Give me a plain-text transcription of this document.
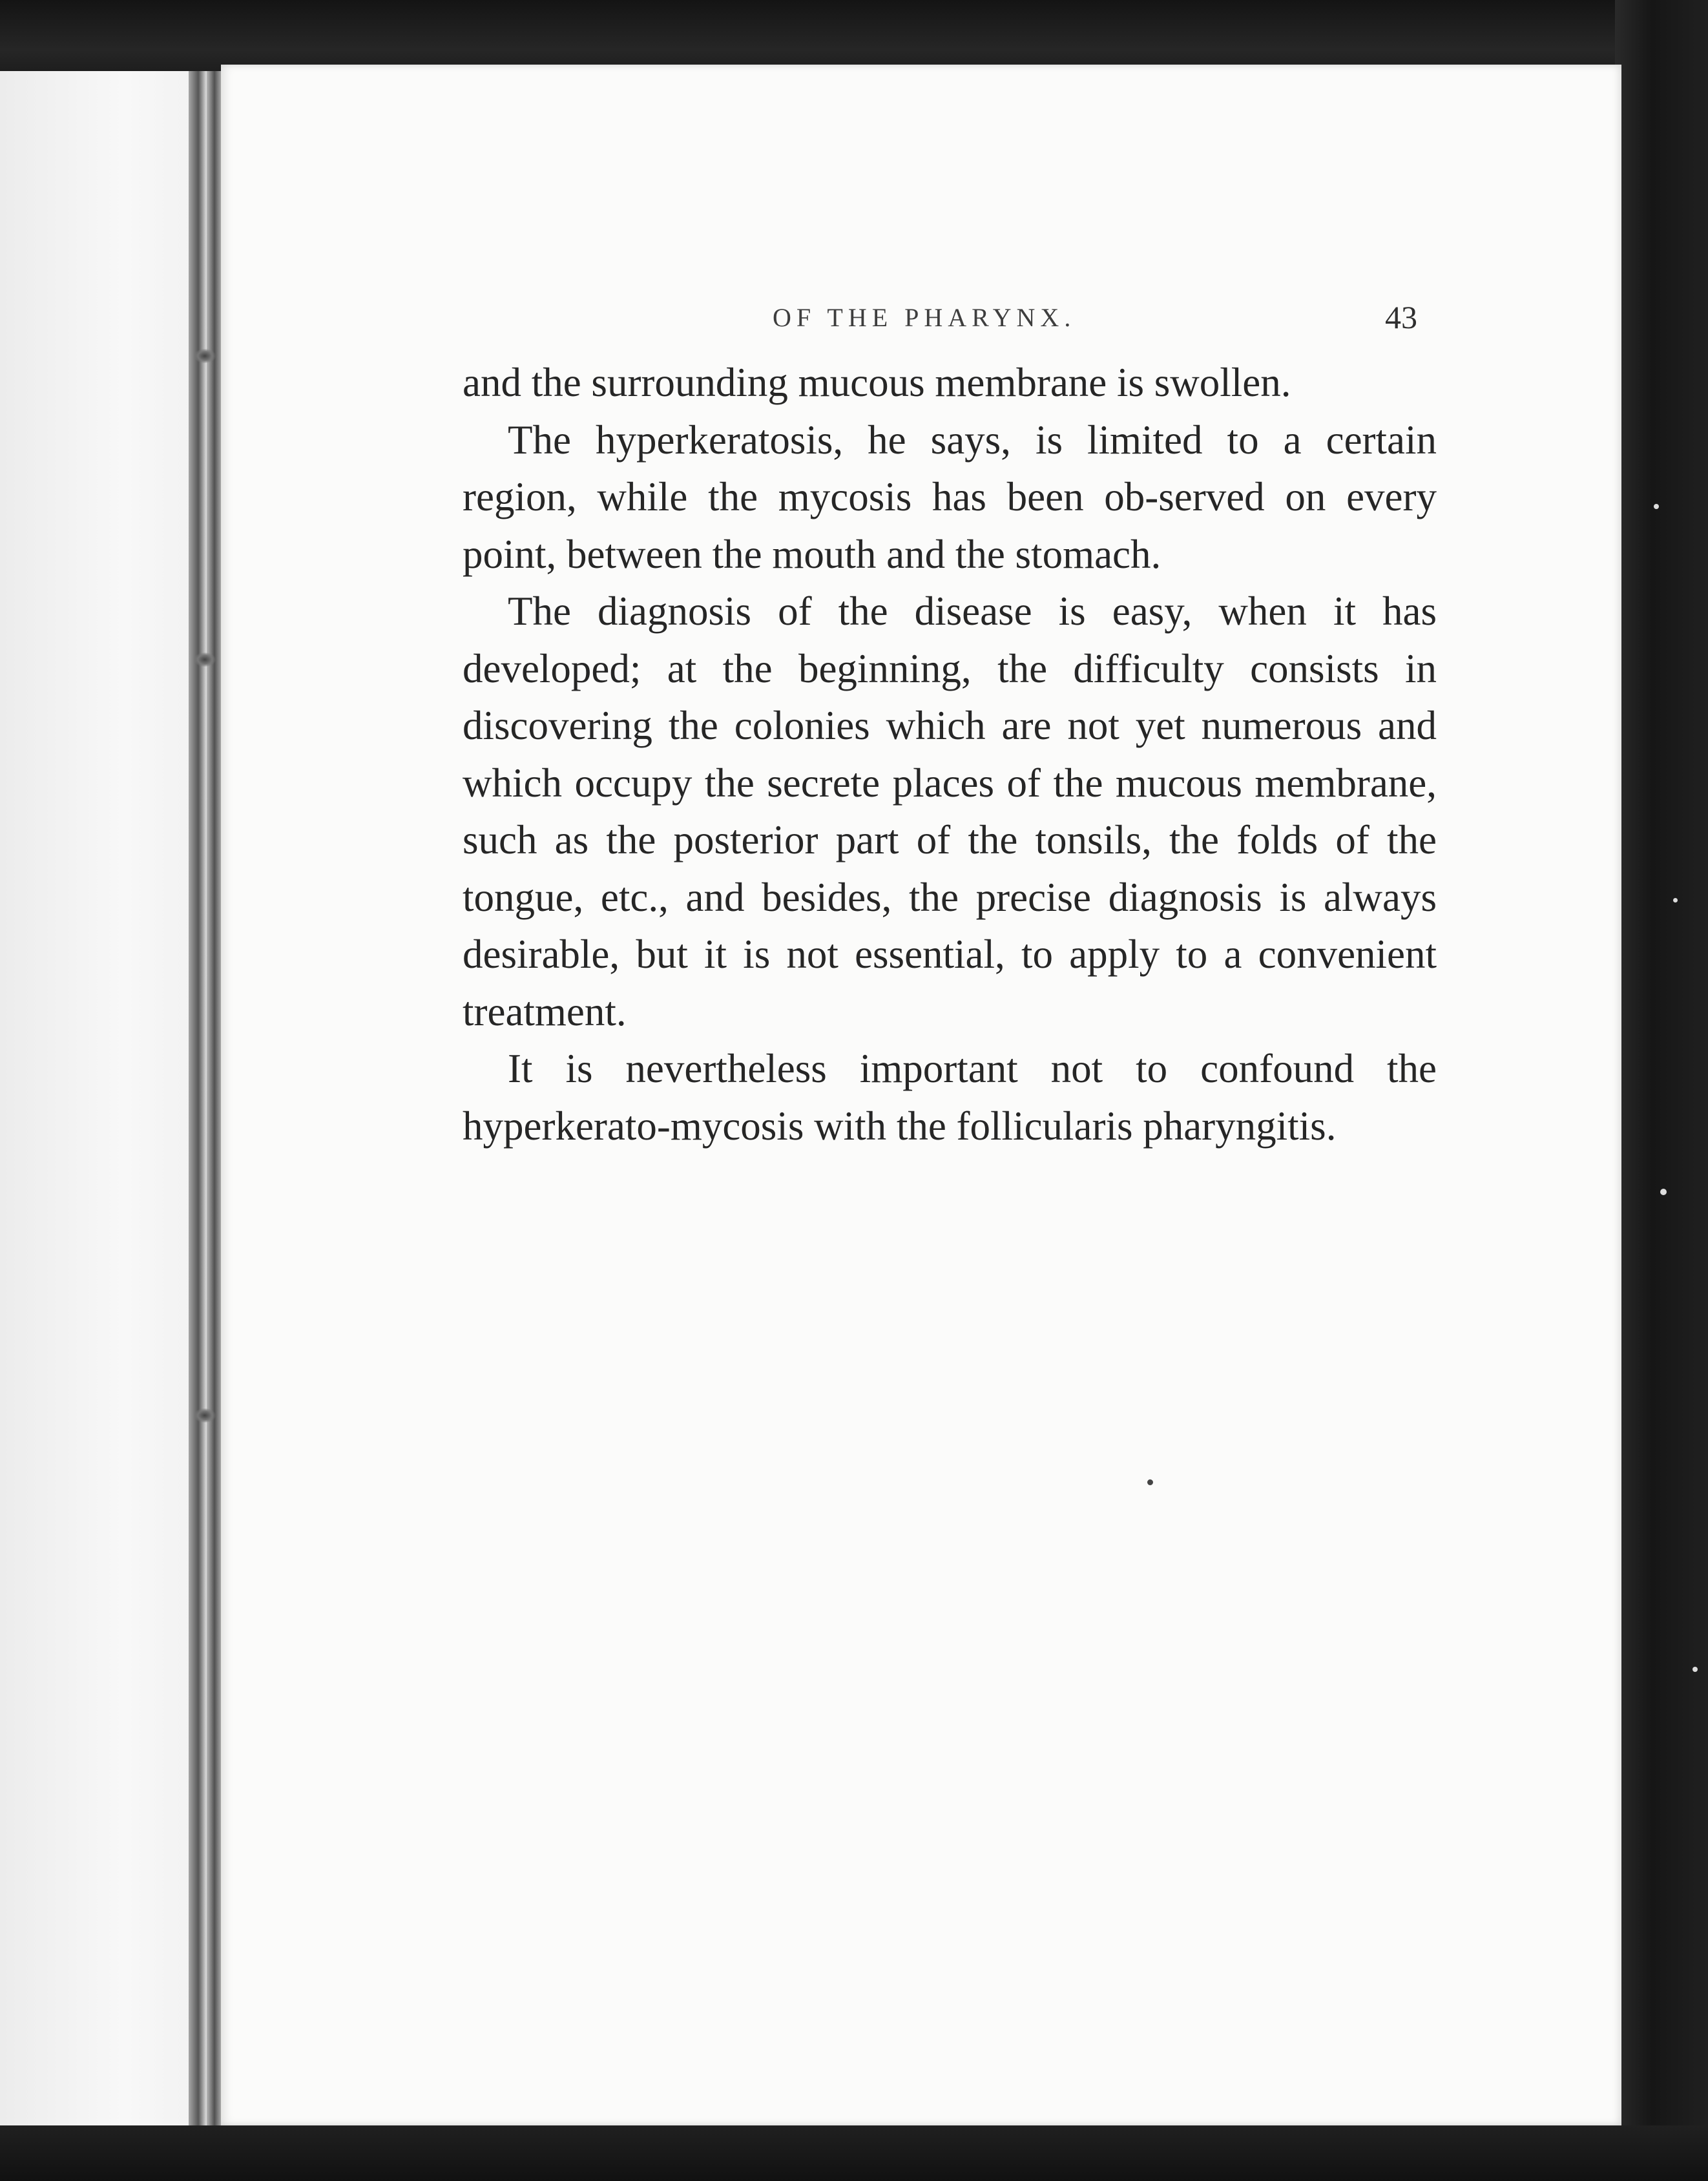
OF THE PHARYNX.	43

and the surrounding mucous membrane is swollen.

The hyperkeratosis, he says, is limited to a certain region, while the mycosis has been ob-served on every point, between the mouth and the stomach.

The diagnosis of the disease is easy, when it has developed; at the beginning, the difficulty consists in discovering the colonies which are not yet numerous and which occupy the secrete places of the mucous membrane, such as the posterior part of the tonsils, the folds of the tongue, etc., and besides, the precise diagnosis is always desirable, but it is not essential, to apply to a convenient treatment.

It is nevertheless important not to confound the hyperkerato-mycosis with the follicularis pharyngitis.
